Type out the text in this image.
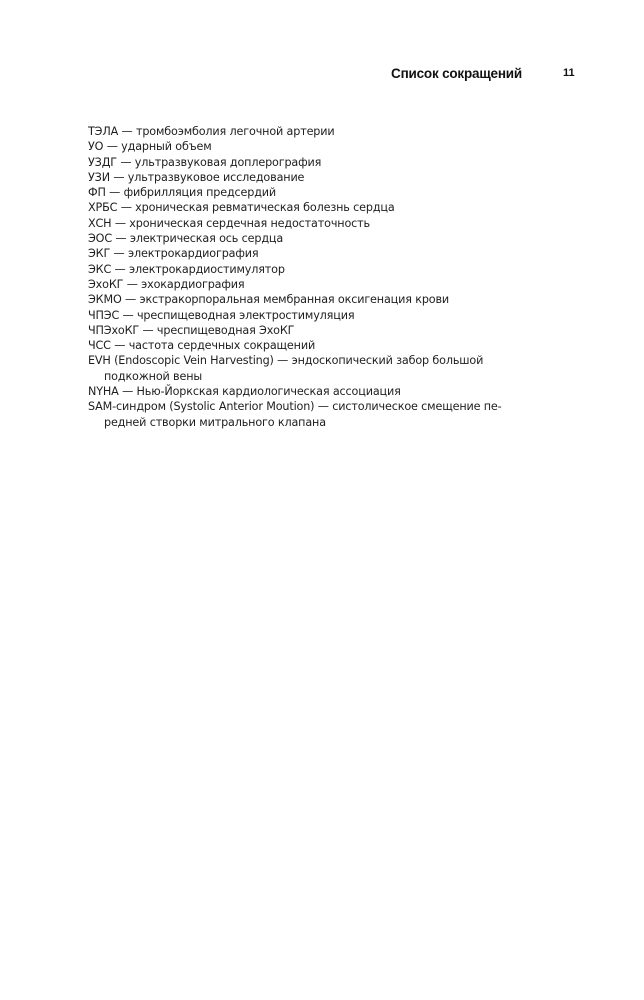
Список сокращений	11
ТЭЛА — тромбоэмболия легочной артерии
УО — ударный объем
УЗДГ — ультразвуковая доплерография
УЗИ — ультразвуковое исследование
ФП — фибрилляция предсердий
ХРБС — хроническая ревматическая болезнь сердца
ХСН — хроническая сердечная недостаточность
ЭОС — электрическая ось сердца
ЭКГ — электрокардиография
ЭКС — электрокардиостимулятор
ЭхоКГ — эхокардиография
ЭКМО — экстракорпоральная мембранная оксигенация крови
ЧПЭС — чреспищеводная электростимуляция
ЧПЭхоКГ — чреспищеводная ЭхоКГ
ЧСС — частота сердечных сокращений
EVH (Endoscopic Vein Harvesting) — эндоскопический забор большой
подкожной вены
NYHA — Нью-Йоркская кардиологическая ассоциация
SAM-синдром (Systolic Anterior Moution) — систолическое смещение пе-
редней створки митрального клапана
